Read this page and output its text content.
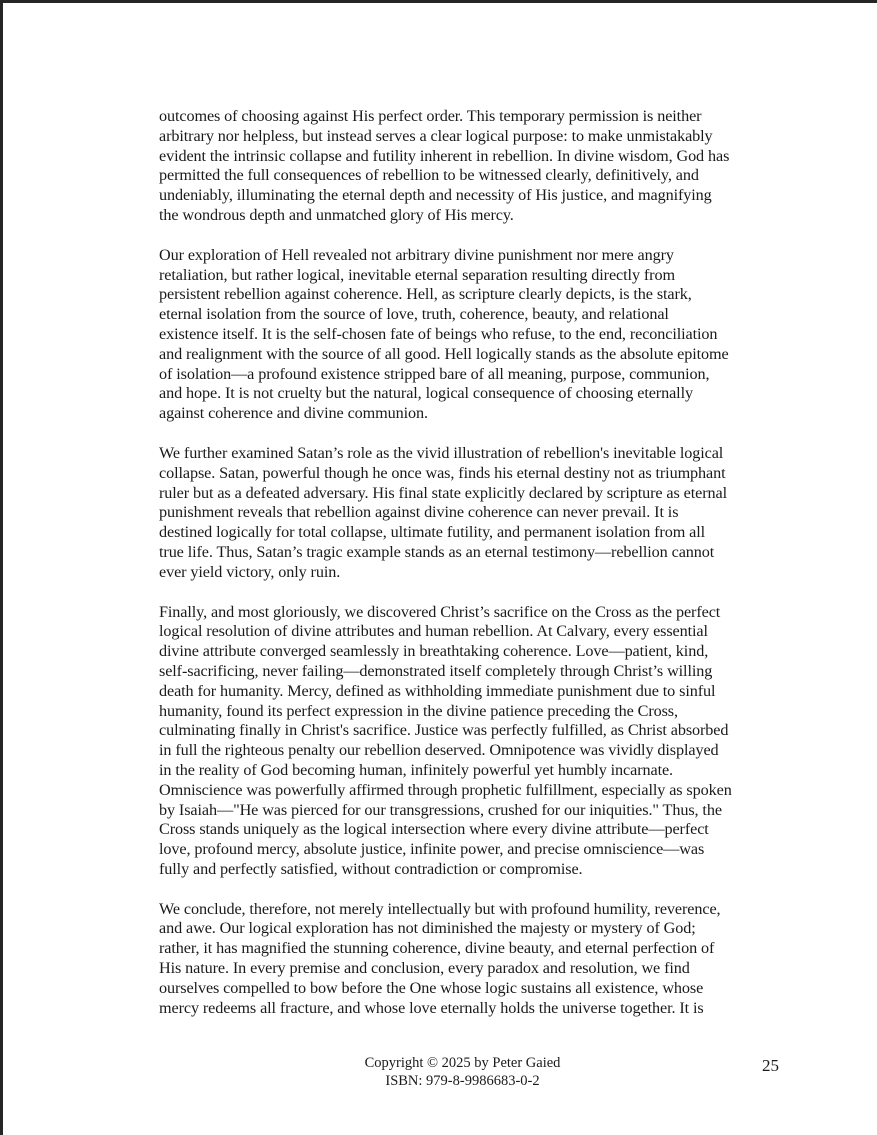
outcomes of choosing against His perfect order. This temporary permission is neither
arbitrary nor helpless, but instead serves a clear logical purpose: to make unmistakably
evident the intrinsic collapse and futility inherent in rebellion. In divine wisdom, God has
permitted the full consequences of rebellion to be witnessed clearly, definitively, and
undeniably, illuminating the eternal depth and necessity of His justice, and magnifying
the wondrous depth and unmatched glory of His mercy.

Our exploration of Hell revealed not arbitrary divine punishment nor mere angry
retaliation, but rather logical, inevitable eternal separation resulting directly from
persistent rebellion against coherence. Hell, as scripture clearly depicts, is the stark,
eternal isolation from the source of love, truth, coherence, beauty, and relational
existence itself. It is the self-chosen fate of beings who refuse, to the end, reconciliation
and realignment with the source of all good. Hell logically stands as the absolute epitome
of isolation—a profound existence stripped bare of all meaning, purpose, communion,
and hope. It is not cruelty but the natural, logical consequence of choosing eternally
against coherence and divine communion.

We further examined Satan’s role as the vivid illustration of rebellion's inevitable logical
collapse. Satan, powerful though he once was, finds his eternal destiny not as triumphant
ruler but as a defeated adversary. His final state explicitly declared by scripture as eternal
punishment reveals that rebellion against divine coherence can never prevail. It is
destined logically for total collapse, ultimate futility, and permanent isolation from all
true life. Thus, Satan’s tragic example stands as an eternal testimony—rebellion cannot
ever yield victory, only ruin.

Finally, and most gloriously, we discovered Christ’s sacrifice on the Cross as the perfect
logical resolution of divine attributes and human rebellion. At Calvary, every essential
divine attribute converged seamlessly in breathtaking coherence. Love—patient, kind,
self-sacrificing, never failing—demonstrated itself completely through Christ’s willing
death for humanity. Mercy, defined as withholding immediate punishment due to sinful
humanity, found its perfect expression in the divine patience preceding the Cross,
culminating finally in Christ's sacrifice. Justice was perfectly fulfilled, as Christ absorbed
in full the righteous penalty our rebellion deserved. Omnipotence was vividly displayed
in the reality of God becoming human, infinitely powerful yet humbly incarnate.
Omniscience was powerfully affirmed through prophetic fulfillment, especially as spoken
by Isaiah—"He was pierced for our transgressions, crushed for our iniquities." Thus, the
Cross stands uniquely as the logical intersection where every divine attribute—perfect
love, profound mercy, absolute justice, infinite power, and precise omniscience—was
fully and perfectly satisfied, without contradiction or compromise.

We conclude, therefore, not merely intellectually but with profound humility, reverence,
and awe. Our logical exploration has not diminished the majesty or mystery of God;
rather, it has magnified the stunning coherence, divine beauty, and eternal perfection of
His nature. In every premise and conclusion, every paradox and resolution, we find
ourselves compelled to bow before the One whose logic sustains all existence, whose
mercy redeems all fracture, and whose love eternally holds the universe together. It is

Copyright © 2025 by Peter Gaied
ISBN: 979-8-9986683-0-2
25
